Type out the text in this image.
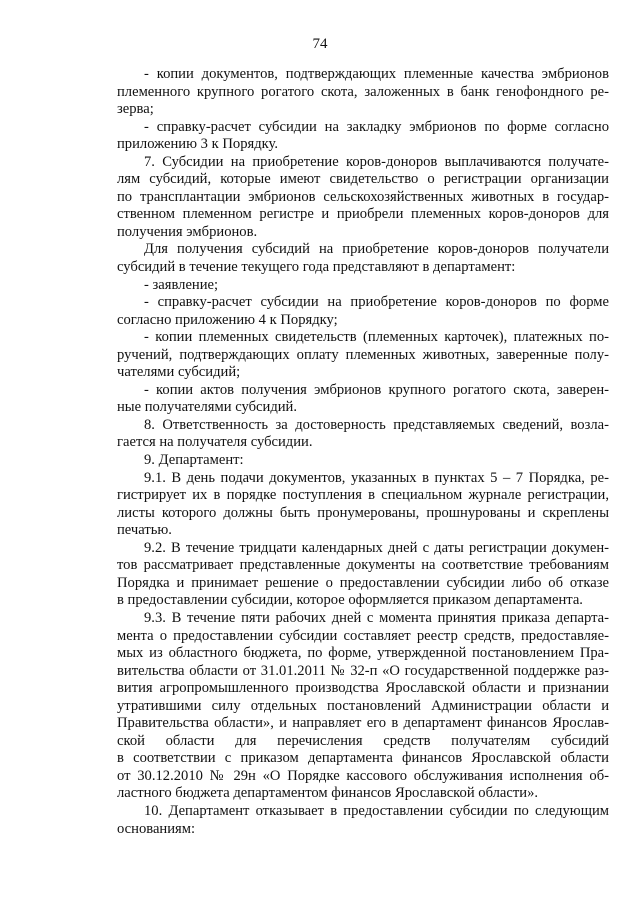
74
- копии документов, подтверждающих племенные качества эмбрионов
племенного крупного рогатого скота, заложенных в банк генофондного ре-
зерва;
- справку-расчет субсидии на закладку эмбрионов по форме согласно
приложению 3 к Порядку.
7. Субсидии на приобретение коров-доноров выплачиваются получате-
лям субсидий, которые имеют свидетельство о регистрации организации
по трансплантации эмбрионов сельскохозяйственных животных в государ-
ственном племенном регистре и приобрели племенных коров-доноров для
получения эмбрионов.
Для получения субсидий на приобретение коров-доноров получатели
субсидий в течение текущего года представляют в департамент:
- заявление;
- справку-расчет субсидии на приобретение коров-доноров по форме
согласно приложению 4 к Порядку;
- копии племенных свидетельств (племенных карточек), платежных по-
ручений, подтверждающих оплату племенных животных, заверенные полу-
чателями субсидий;
- копии актов получения эмбрионов крупного рогатого скота, заверен-
ные получателями субсидий.
8. Ответственность за достоверность представляемых сведений, возла-
гается на получателя субсидии.
9. Департамент:
9.1. В день подачи документов, указанных в пунктах 5 – 7 Порядка, ре-
гистрирует их в порядке поступления в специальном журнале регистрации,
листы которого должны быть пронумерованы, прошнурованы и скреплены
печатью.
9.2. В течение тридцати календарных дней с даты регистрации докумен-
тов рассматривает представленные документы на соответствие требованиям
Порядка и принимает решение о предоставлении субсидии либо об отказе
в предоставлении субсидии, которое оформляется приказом департамента.
9.3. В течение пяти рабочих дней с момента принятия приказа департа-
мента о предоставлении субсидии составляет реестр средств, предоставляе-
мых из областного бюджета, по форме, утвержденной постановлением Пра-
вительства области от 31.01.2011 № 32-п «О государственной поддержке раз-
вития агропромышленного производства Ярославской области и признании
утратившими силу отдельных постановлений Администрации области и
Правительства области», и направляет его в департамент финансов Ярослав-
ской области для перечисления средств получателям субсидий
в соответствии с приказом департамента финансов Ярославской области
от 30.12.2010 № 29н «О Порядке кассового обслуживания исполнения об-
ластного бюджета департаментом финансов Ярославской области».
10. Департамент отказывает в предоставлении субсидии по следующим
основаниям:
